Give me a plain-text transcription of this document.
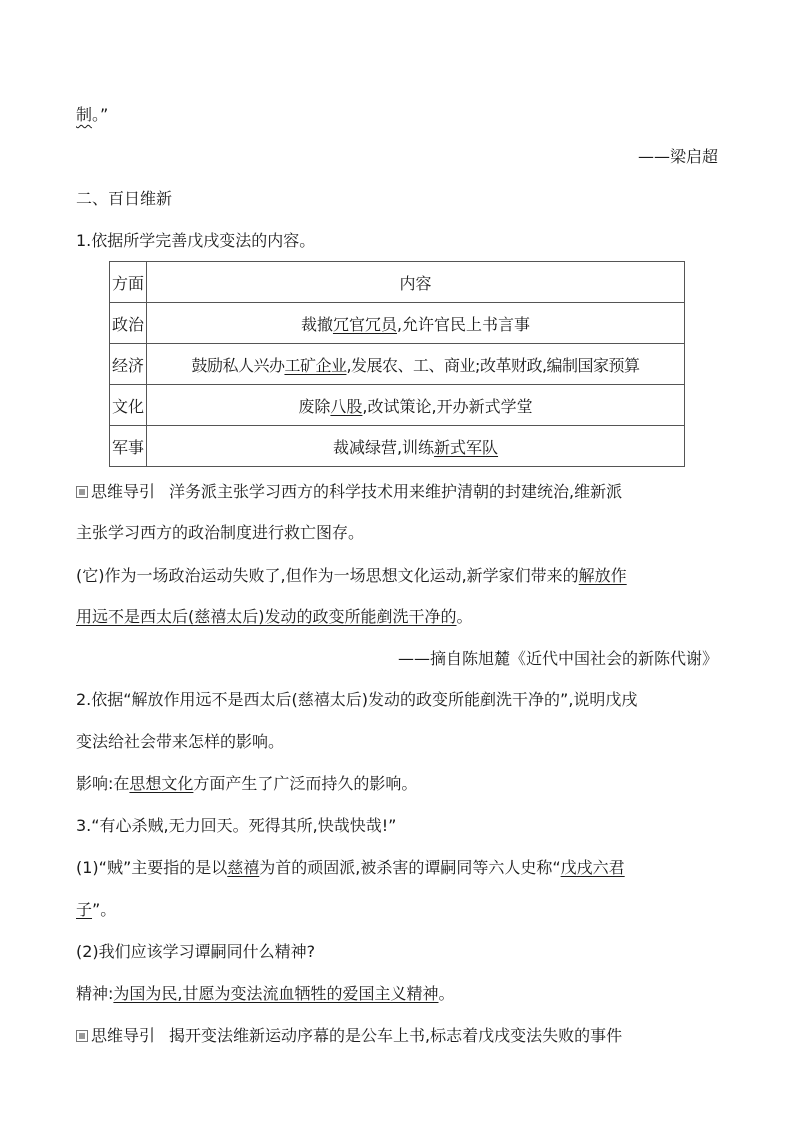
制。”
——梁启超
二、百日维新
1.依据所学完善戊戌变法的内容。
方面	内容
政治	裁撤冗官冗员,允许官民上书言事
经济	鼓励私人兴办工矿企业,发展农、工、商业;改革财政,编制国家预算
文化	废除八股,改试策论,开办新式学堂
军事	裁减绿营,训练新式军队
思维导引 洋务派主张学习西方的科学技术用来维护清朝的封建统治,维新派
主张学习西方的政治制度进行救亡图存。
(它)作为一场政治运动失败了,但作为一场思想文化运动,新学家们带来的解放作
用远不是西太后(慈禧太后)发动的政变所能剷洗干净的。
——摘自陈旭麓《近代中国社会的新陈代谢》
2.依据“解放作用远不是西太后(慈禧太后)发动的政变所能剷洗干净的”,说明戊戌
变法给社会带来怎样的影响。
影响:在思想文化方面产生了广泛而持久的影响。
3.“有心杀贼,无力回天。死得其所,快哉快哉!”
(1)“贼”主要指的是以慈禧为首的顽固派,被杀害的谭嗣同等六人史称“戊戌六君
子”。
(2)我们应该学习谭嗣同什么精神?
精神:为国为民,甘愿为变法流血牺牲的爱国主义精神。
思维导引 揭开变法维新运动序幕的是公车上书,标志着戊戌变法失败的事件
